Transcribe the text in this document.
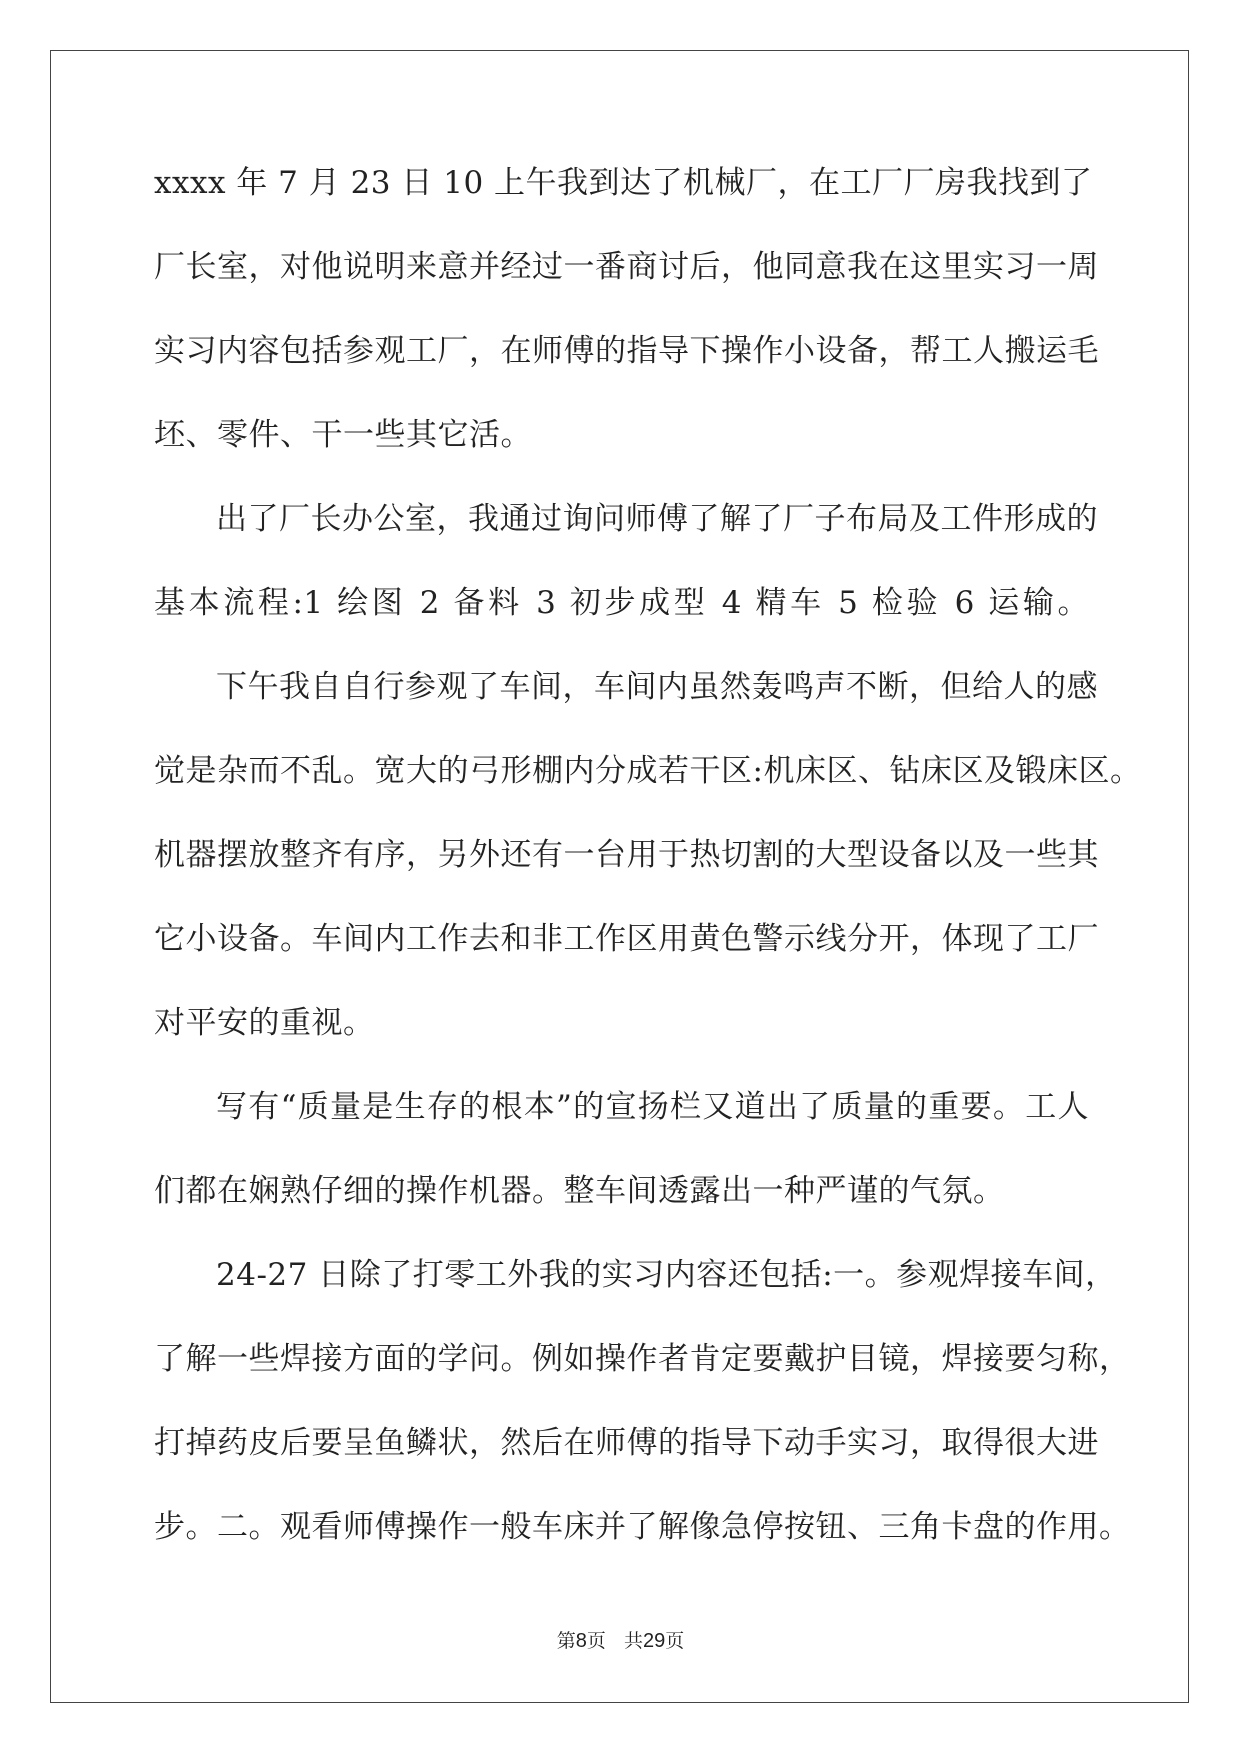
xxxx 年 7 月 23 日 10 上午我到达了机械厂，在工厂厂房我找到了
厂长室，对他说明来意并经过一番商讨后，他同意我在这里实习一周
实习内容包括参观工厂，在师傅的指导下操作小设备，帮工人搬运毛
坯、零件、干一些其它活。
出了厂长办公室，我通过询问师傅了解了厂子布局及工件形成的
基本流程:1 绘图 2 备料 3 初步成型 4 精车 5 检验 6 运输。
下午我自自行参观了车间，车间内虽然轰鸣声不断，但给人的感
觉是杂而不乱。宽大的弓形棚内分成若干区:机床区、钻床区及锻床区。
机器摆放整齐有序，另外还有一台用于热切割的大型设备以及一些其
它小设备。车间内工作去和非工作区用黄色警示线分开，体现了工厂
对平安的重视。
写有“质量是生存的根本”的宣扬栏又道出了质量的重要。工人
们都在娴熟仔细的操作机器。整车间透露出一种严谨的气氛。
24-27 日除了打零工外我的实习内容还包括:一。参观焊接车间，
了解一些焊接方面的学问。例如操作者肯定要戴护目镜，焊接要匀称，
打掉药皮后要呈鱼鳞状，然后在师傅的指导下动手实习，取得很大进
步。二。观看师傅操作一般车床并了解像急停按钮、三角卡盘的作用。
第8页 共29页
